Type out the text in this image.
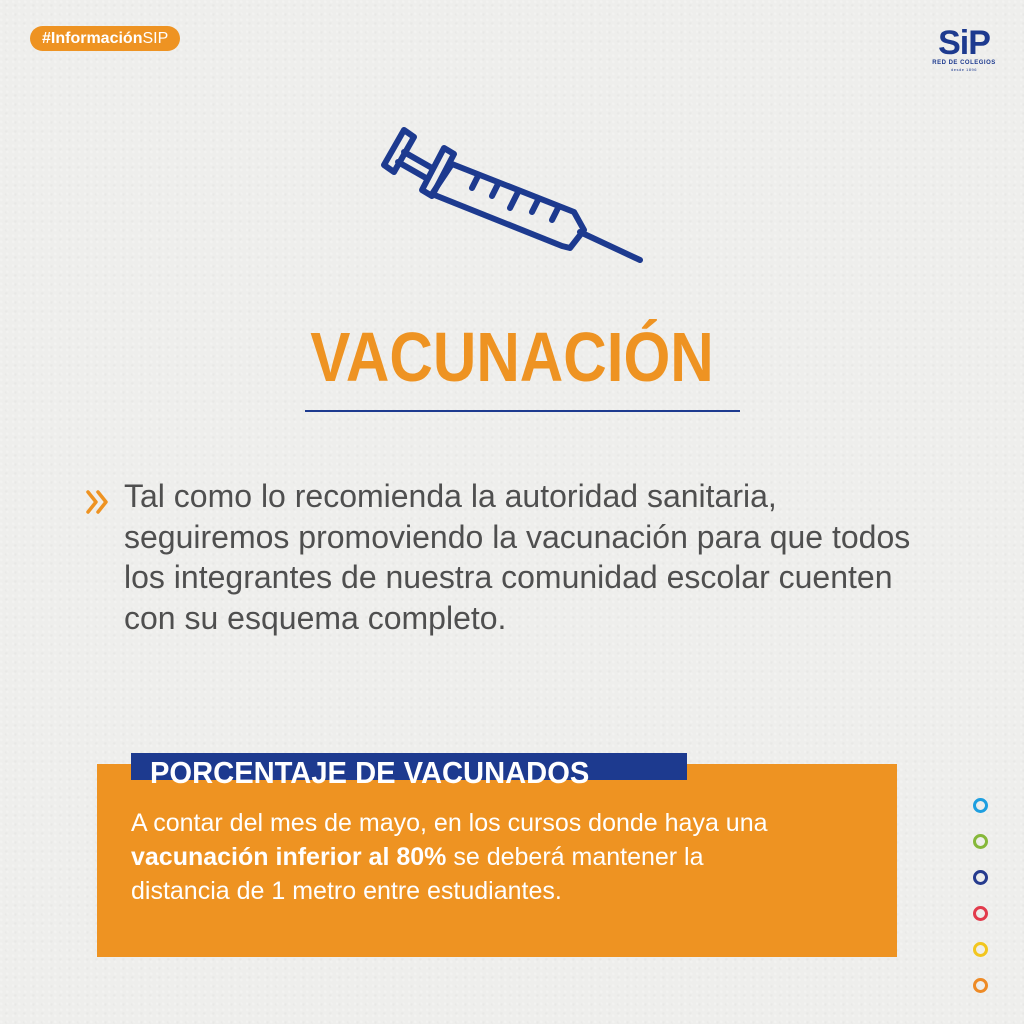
#InformaciónSIP	SiP
RED DE COLEGIOS
desde 1896
VACUNACIÓN
Tal como lo recomienda la autoridad sanitaria, seguiremos promoviendo la vacunación para que todos los integrantes de nuestra comunidad escolar cuenten con su esquema completo.
PORCENTAJE DE VACUNADOS
A contar del mes de mayo, en los cursos donde haya una vacunación inferior al 80% se deberá mantener la distancia de 1 metro entre estudiantes.
